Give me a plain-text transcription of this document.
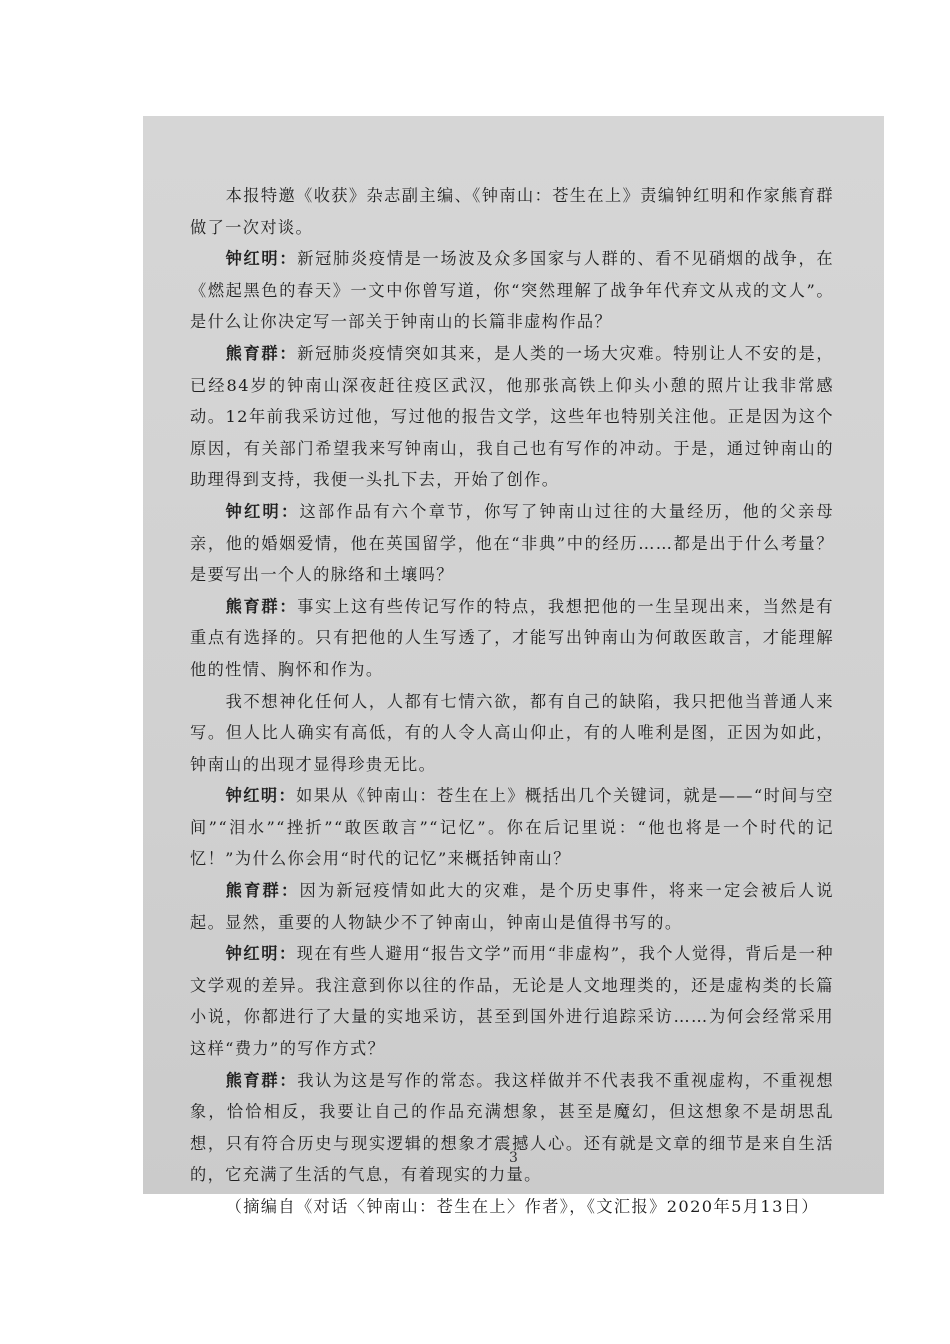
本报特邀《收获》杂志副主编、《钟南山：苍生在上》责编钟红明和作家熊育群做了一次对谈。

钟红明：新冠肺炎疫情是一场波及众多国家与人群的、看不见硝烟的战争，在《燃起黑色的春天》一文中你曾写道，你“突然理解了战争年代弃文从戎的文人”。是什么让你决定写一部关于钟南山的长篇非虚构作品？

熊育群：新冠肺炎疫情突如其来，是人类的一场大灾难。特别让人不安的是，已经84岁的钟南山深夜赶往疫区武汉，他那张高铁上仰头小憩的照片让我非常感动。12年前我采访过他，写过他的报告文学，这些年也特别关注他。正是因为这个原因，有关部门希望我来写钟南山，我自己也有写作的冲动。于是，通过钟南山的助理得到支持，我便一头扎下去，开始了创作。

钟红明：这部作品有六个章节，你写了钟南山过往的大量经历，他的父亲母亲，他的婚姻爱情，他在英国留学，他在“非典”中的经历……都是出于什么考量？是要写出一个人的脉络和土壤吗？

熊育群：事实上这有些传记写作的特点，我想把他的一生呈现出来，当然是有重点有选择的。只有把他的人生写透了，才能写出钟南山为何敢医敢言，才能理解他的性情、胸怀和作为。

我不想神化任何人，人都有七情六欲，都有自己的缺陷，我只把他当普通人来写。但人比人确实有高低，有的人令人高山仰止，有的人唯利是图，正因为如此，钟南山的出现才显得珍贵无比。

钟红明：如果从《钟南山：苍生在上》概括出几个关键词，就是——“时间与空间”“泪水”“挫折”“敢医敢言”“记忆”。你在后记里说：“他也将是一个时代的记忆！”为什么你会用“时代的记忆”来概括钟南山？

熊育群：因为新冠疫情如此大的灾难，是个历史事件，将来一定会被后人说起。显然，重要的人物缺少不了钟南山，钟南山是值得书写的。

钟红明：现在有些人避用“报告文学”而用“非虚构”，我个人觉得，背后是一种文学观的差异。我注意到你以往的作品，无论是人文地理类的，还是虚构类的长篇小说，你都进行了大量的实地采访，甚至到国外进行追踪采访……为何会经常采用这样“费力”的写作方式？

熊育群：我认为这是写作的常态。我这样做并不代表我不重视虚构，不重视想象，恰恰相反，我要让自己的作品充满想象，甚至是魔幻，但这想象不是胡思乱想，只有符合历史与现实逻辑的想象才震撼人心。还有就是文章的细节是来自生活的，它充满了生活的气息，有着现实的力量。

（摘编自《对话〈钟南山：苍生在上〉作者》，《文汇报》2020年5月13日）

3
